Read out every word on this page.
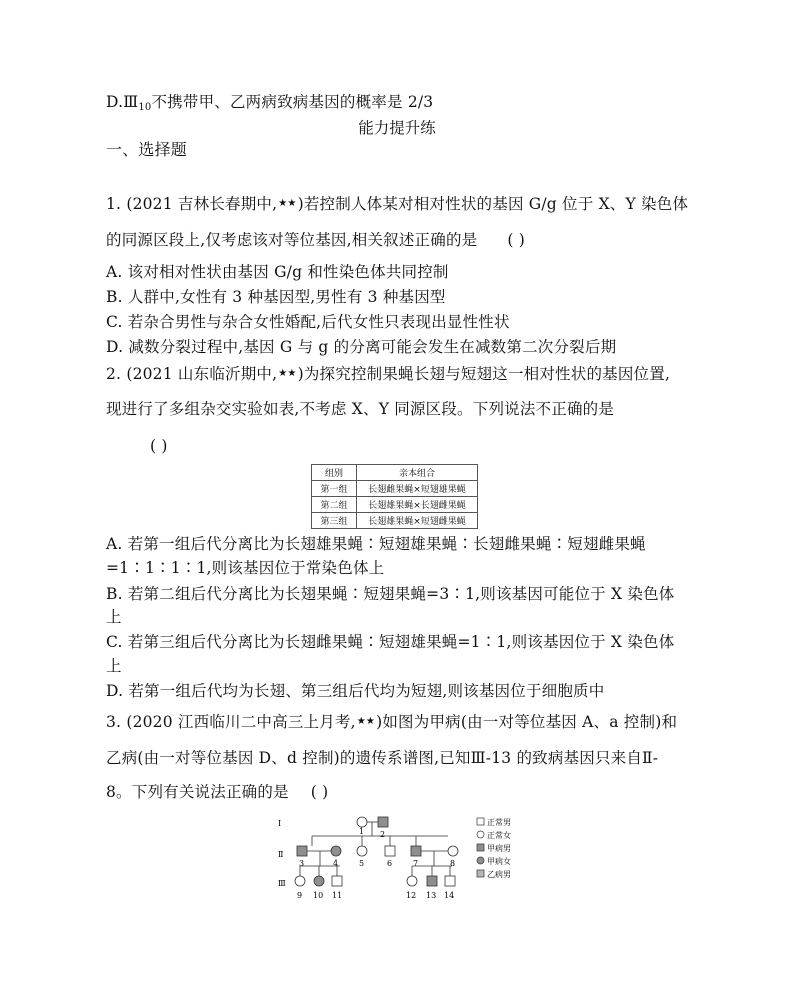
$D.Ⅲ_{10}$不携带甲、乙两病致病基因的概率是 2/3
能力提升练
一、选择题
1. (2021 吉林长春期中,★★)若控制人体某对相对性状的基因 G/g 位于 X、Y 染色体
的同源区段上,仅考虑该对等位基因,相关叙述正确的是 ( )
A. 该对相对性状由基因 G/g 和性染色体共同控制
B. 人群中,女性有 3 种基因型,男性有 3 种基因型
C. 若杂合男性与杂合女性婚配,后代女性只表现出显性性状
D. 减数分裂过程中,基因 G 与 g 的分离可能会发生在减数第二次分裂后期
2. (2021 山东临沂期中,★★)为探究控制果蝇长翅与短翅这一相对性状的基因位置,
现进行了多组杂交实验如表,不考虑 X、Y 同源区段。下列说法不正确的是
( )
组别	亲本组合
第一组	长翅雌果蝇×短翅雄果蝇
第二组	长翅雄果蝇×长翅雌果蝇
第三组	长翅雄果蝇×短翅雌果蝇
A. 若第一组后代分离比为长翅雄果蝇∶短翅雄果蝇∶长翅雌果蝇∶短翅雌果蝇
=1∶1∶1∶1,则该基因位于常染色体上
B. 若第二组后代分离比为长翅果蝇∶短翅果蝇=3∶1,则该基因可能位于 X 染色体
上
C. 若第三组后代分离比为长翅雌果蝇∶短翅雄果蝇=1∶1,则该基因位于 X 染色体
上
D. 若第一组后代均为长翅、第三组后代均为短翅,则该基因位于细胞质中
3. (2020 江西临川二中高三上月考,★★)如图为甲病(由一对等位基因 A、a 控制)和
乙病(由一对等位基因 D、d 控制)的遗传系谱图,已知Ⅲ-13 的致病基因只来自Ⅱ-
8。下列有关说法正确的是 ( )
Ⅰ
Ⅱ
Ⅲ
1 2
3	4	5	6	7	8
9 10 11	12 13 14
正常男
正常女
甲病男
甲病女
乙病男
